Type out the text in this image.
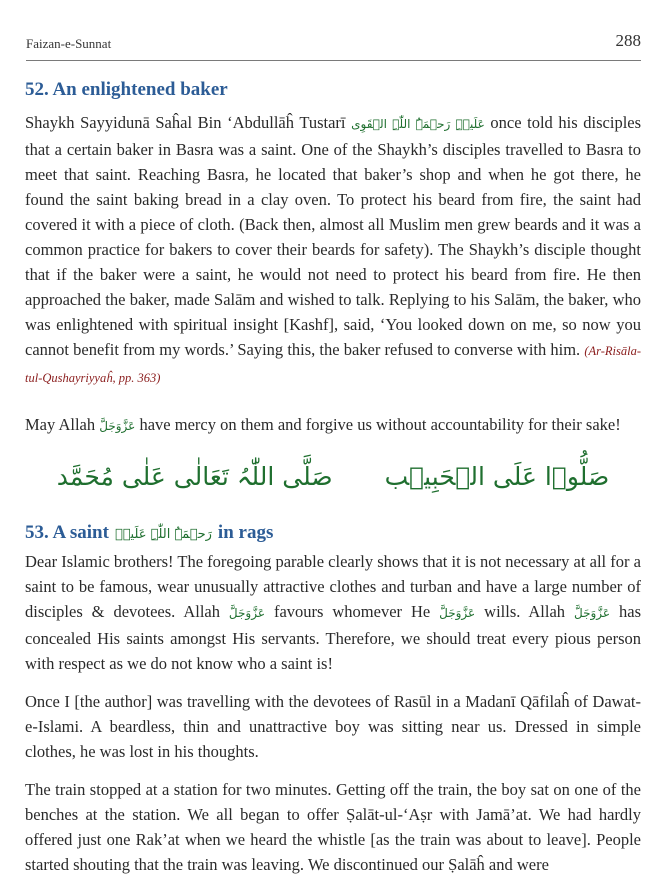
Faizan-e-Sunnat	288
52. An enlightened baker

Shaykh Sayyidunā Saĥal Bin ‘Abdullāĥ Tustarī عَلَیۡہِ رَحۡمَۃُ اللّٰہِ الۡقَوِی once told his disciples that a certain baker in Basra was a saint. One of the Shaykh’s disciples travelled to Basra to meet that saint. Reaching Basra, he located that baker’s shop and when he got there, he found the saint baking bread in a clay oven. To protect his beard from fire, the saint had covered it with a piece of cloth. (Back then, almost all Muslim men grew beards and it was a common practice for bakers to cover their beards for safety). The Shaykh’s disciple thought that if the baker were a saint, he would not need to protect his beard from fire. He then approached the baker, made Salām and wished to talk. Replying to his Salām, the baker, who was enlightened with spiritual insight [Kashf], said, ‘You looked down on me, so now you cannot benefit from my words.’ Saying this, the baker refused to converse with him. (Ar-Risāla-tul-Qushayriyyaĥ, pp. 363)

May Allah عَزَّوَجَلَّ have mercy on them and forgive us without accountability for their sake!

صَلُّوۡا عَلَی الۡحَبِیۡب
صَلَّی اللّٰہُ تَعَالٰی عَلٰی مُحَمَّد
53. A saint رَحۡمَۃُ اللّٰہِ عَلَیۡہ in rags

Dear Islamic brothers! The foregoing parable clearly shows that it is not necessary at all for a saint to be famous, wear unusually attractive clothes and turban and have a large number of disciples & devotees. Allah عَزَّوَجَلَّ favours whomever He عَزَّوَجَلَّ wills. Allah عَزَّوَجَلَّ has concealed His saints amongst His servants. Therefore, we should treat every pious person with respect as we do not know who a saint is!

Once I [the author] was travelling with the devotees of Rasūl in a Madanī Qāfilaĥ of Dawat-e-Islami. A beardless, thin and unattractive boy was sitting near us. Dressed in simple clothes, he was lost in his thoughts.

The train stopped at a station for two minutes. Getting off the train, the boy sat on one of the benches at the station. We all began to offer Ṣalāt-ul-‘Aṣr with Jamā’at. We had hardly offered just one Rak’at when we heard the whistle [as the train was about to leave]. People started shouting that the train was leaving. We discontinued our Ṣalāĥ and were
